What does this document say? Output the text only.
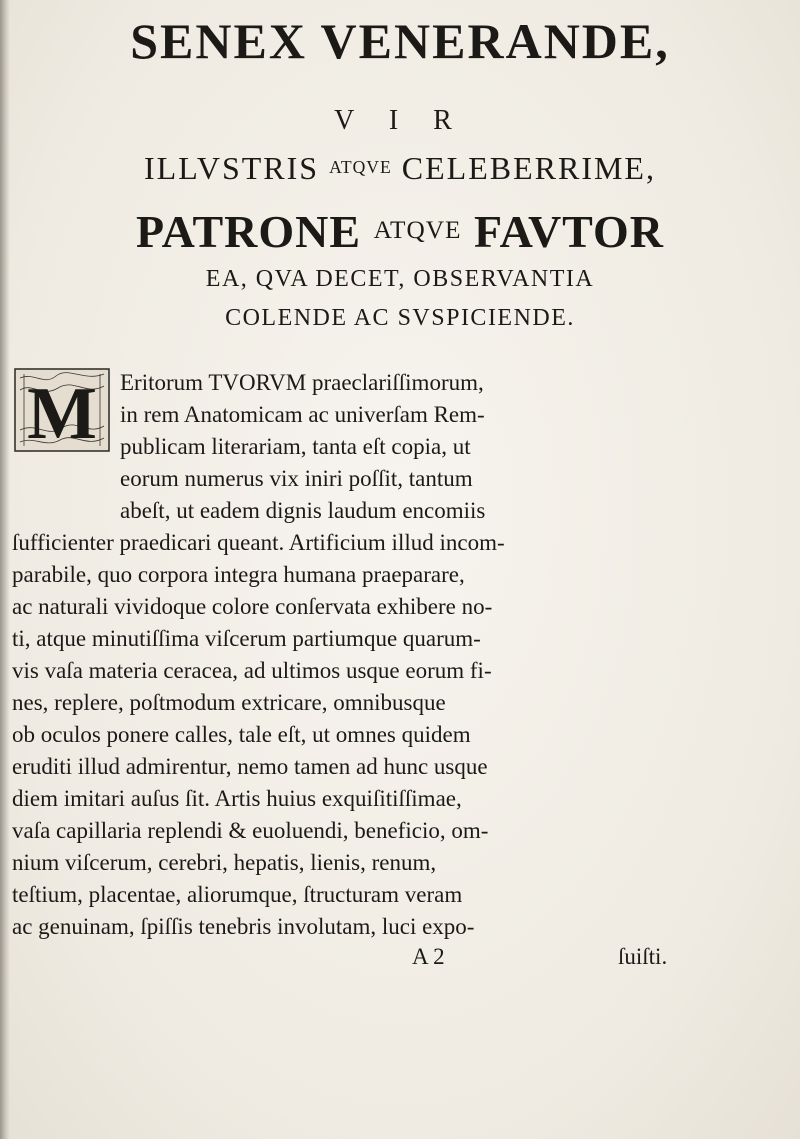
SENEX VENERANDE,
V I R
ILLVSTRIS ATQVE CELEBERRIME,
PATRONE ATQVE FAVTOR
EA, QVA DECET, OBSERVANTIA
COLENDE AC SVSPICIENDE.
M Eritorum TVORVM praeclariſſimorum,
in rem Anatomicam ac univerſam Rem-
publicam literariam, tanta eſt copia, ut
eorum numerus vix iniri poſſit, tantum
abeſt, ut eadem dignis laudum encomiis
ſufficienter praedicari queant. Artificium illud incom-
parabile, quo corpora integra humana praeparare,
ac naturali vividoque colore conſervata exhibere no-
ti, atque minutiſſima viſcerum partiumque quarum-
vis vaſa materia ceracea, ad ultimos usque eorum fi-
nes, replere, poſtmodum extricare, omnibusque
ob oculos ponere calles, tale eſt, ut omnes quidem
eruditi illud admirentur, nemo tamen ad hunc usque
diem imitari auſus ſit. Artis huius exquiſitiſſimae,
vaſa capillaria replendi & euoluendi, beneficio, om-
nium viſcerum, cerebri, hepatis, lienis, renum,
teſtium, placentae, aliorumque, ſtructuram veram
ac genuinam, ſpiſſis tenebris involutam, luci expo-
A 2	ſuiſti.
